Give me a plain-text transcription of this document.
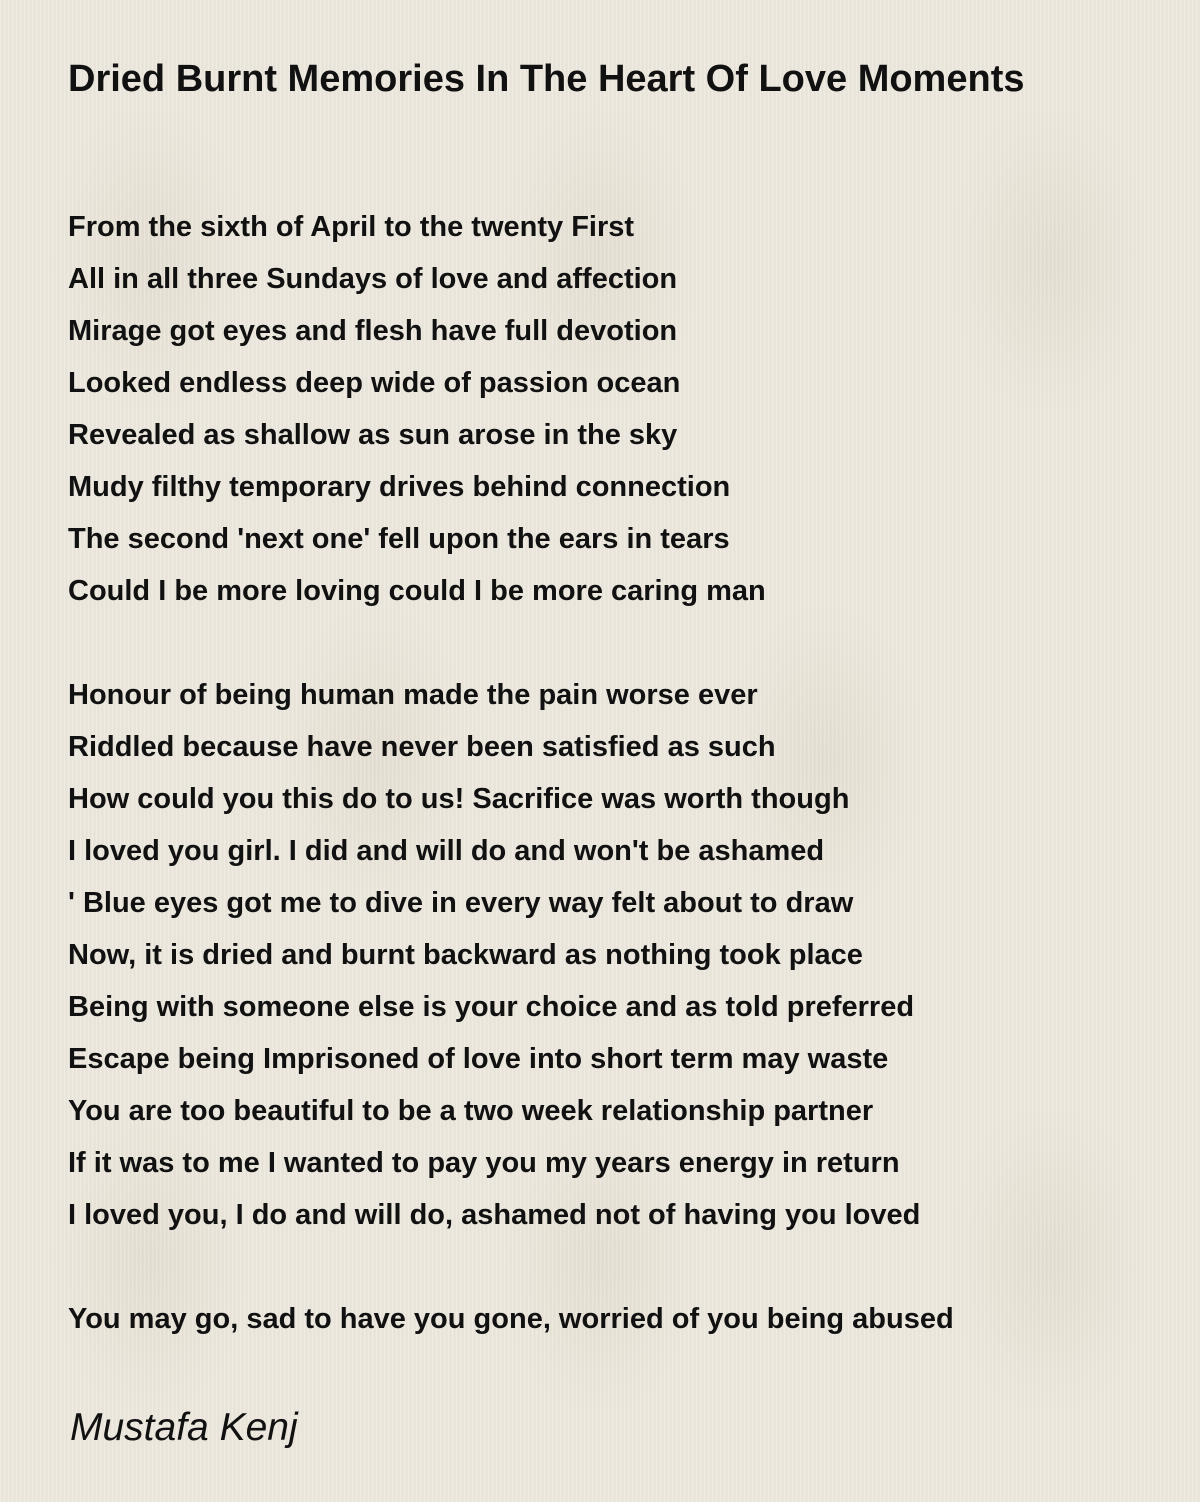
Dried Burnt Memories In The Heart Of Love Moments
From the sixth of April to the twenty First
All in all three Sundays of love and affection
Mirage got eyes and flesh have full devotion
Looked endless deep wide of passion ocean
Revealed as shallow as sun arose in the sky
Mudy filthy temporary drives behind connection
The second 'next one' fell upon the ears in tears
Could I be more loving could I be more caring man
Honour of being human made the pain worse ever
Riddled because have never been satisfied as such
How could you this do to us! Sacrifice was worth though
I loved you girl. I did and will do and won't be ashamed
' Blue eyes got me to dive in every way felt about to draw
Now, it is dried and burnt backward as nothing took place
Being with someone else is your choice and as told preferred
Escape being Imprisoned of love into short term may waste
You are too beautiful to be a two week relationship partner
If it was to me I wanted to pay you my years energy in return
I loved you, I do and will do, ashamed not of having you loved
You may go, sad to have you gone, worried of you being abused

Mustafa Kenj
